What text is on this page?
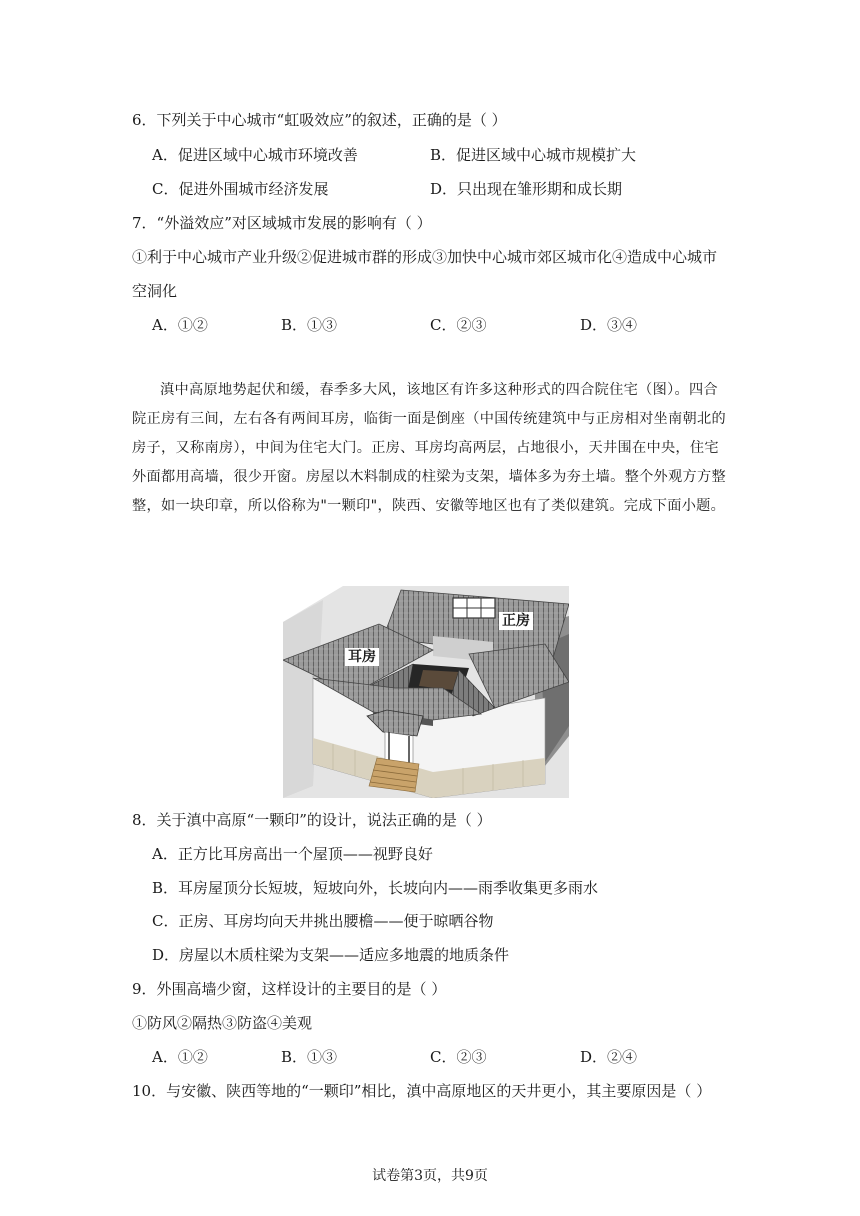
6．下列关于中心城市“虹吸效应”的叙述，正确的是（ ）
A．促进区域中心城市环境改善	B．促进区域中心城市规模扩大
C．促进外围城市经济发展	D．只出现在雏形期和成长期
7．“外溢效应”对区域城市发展的影响有（ ）
①利于中心城市产业升级②促进城市群的形成③加快中心城市郊区城市化④造成中心城市
空洞化
A．①②	B．①③	C．②③	D．③④
滇中高原地势起伏和缓，春季多大风，该地区有许多这种形式的四合院住宅（图）。四合院正房有三间，左右各有两间耳房，临街一面是倒座（中国传统建筑中与正房相对坐南朝北的房子，又称南房），中间为住宅大门。正房、耳房均高两层，占地很小，天井围在中央，住宅外面都用高墙，很少开窗。房屋以木料制成的柱梁为支架，墙体多为夯土墙。整个外观方方整整，如一块印章，所以俗称为"一颗印"，陕西、安徽等地区也有了类似建筑。完成下面小题。
正房
耳房
8．关于滇中高原“一颗印”的设计，说法正确的是（ ）
A．正方比耳房高出一个屋顶——视野良好
B．耳房屋顶分长短坡，短坡向外，长坡向内——雨季收集更多雨水
C．正房、耳房均向天井挑出腰檐——便于晾晒谷物
D．房屋以木质柱梁为支架——适应多地震的地质条件
9．外围高墙少窗，这样设计的主要目的是（ ）
①防风②隔热③防盗④美观
A．①②	B．①③	C．②③	D．②④
10．与安徽、陕西等地的“一颗印”相比，滇中高原地区的天井更小，其主要原因是（ ）
试卷第3页，共9页
